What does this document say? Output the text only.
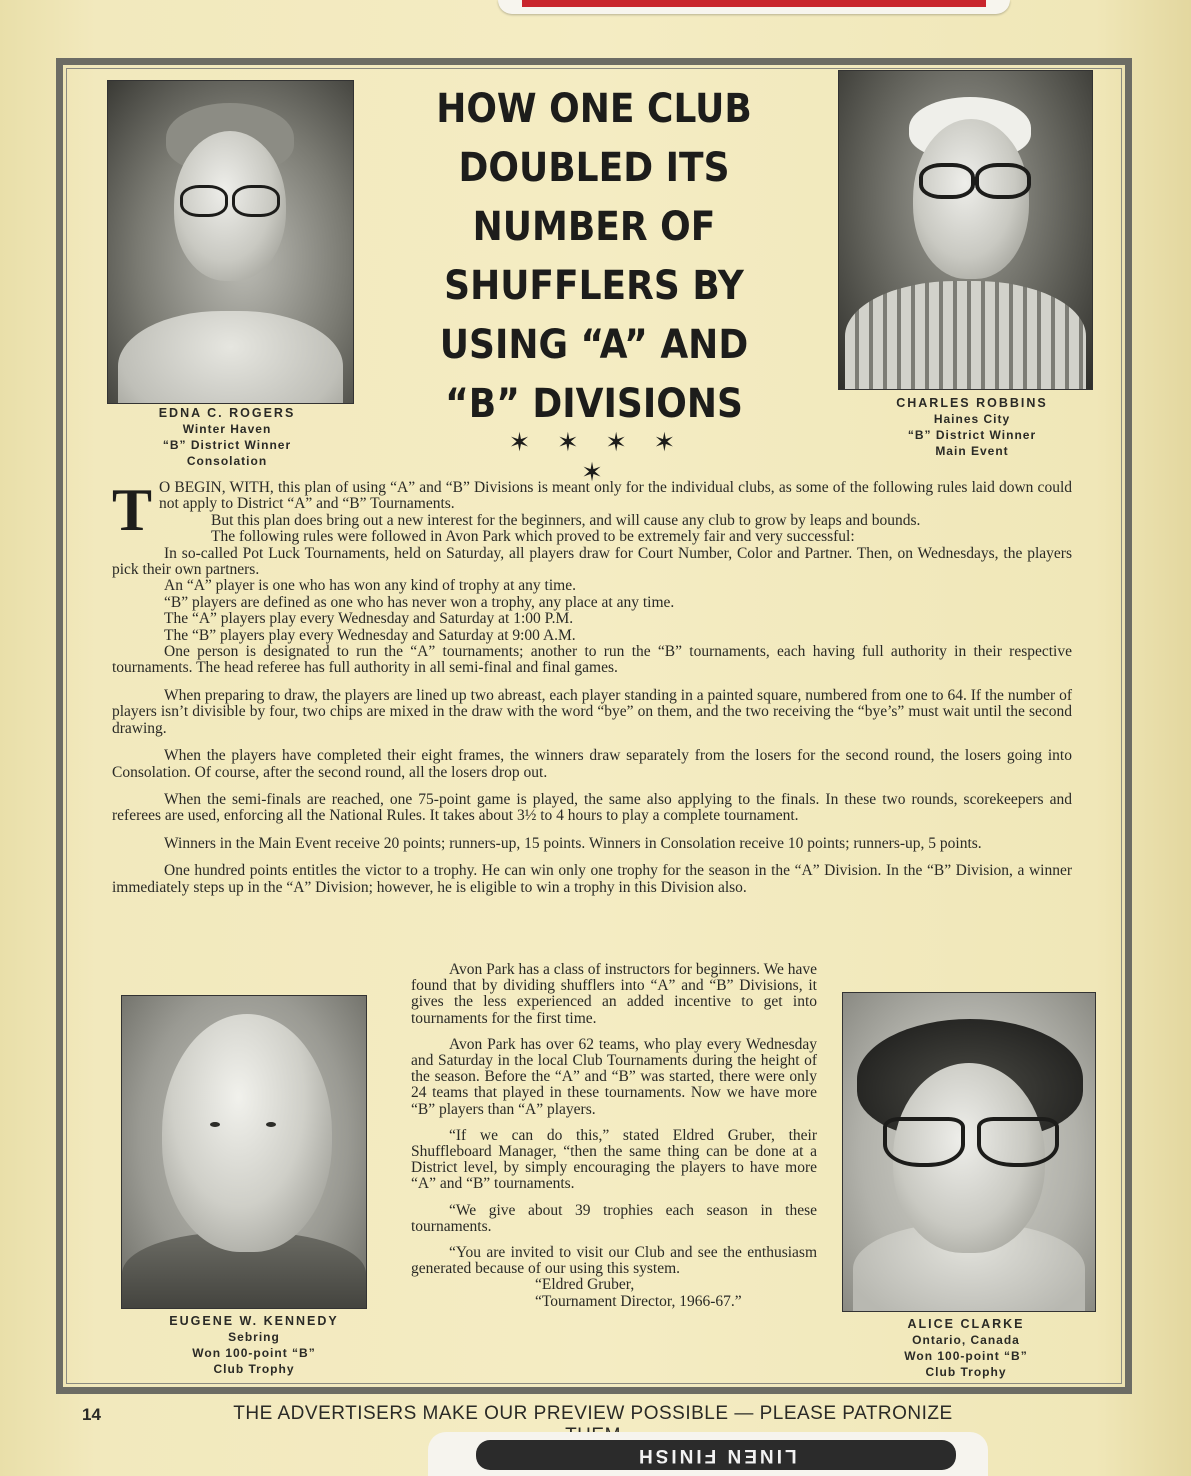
EDNA C. ROGERS
Winter Haven
“B” District Winner
Consolation
HOW ONE CLUB
DOUBLED ITS
NUMBER OF
SHUFFLERS BY
USING “A” AND
“B” DIVISIONS
✶ ✶ ✶ ✶ ✶
CHARLES ROBBINS
Haines City
“B” District Winner
Main Event

T O BEGIN, WITH, this plan of using “A” and “B” Divisions is meant only for the individual clubs, as some of the following rules laid down could not apply to District “A” and “B” Tournaments.

But this plan does bring out a new interest for the beginners, and will cause any club to grow by leaps and bounds.

The following rules were followed in Avon Park which proved to be extremely fair and very successful:

In so-called Pot Luck Tournaments, held on Saturday, all players draw for Court Number, Color and Partner. Then, on Wednesdays, the players pick their own partners.

An “A” player is one who has won any kind of trophy at any time.

“B” players are defined as one who has never won a trophy, any place at any time.

The “A” players play every Wednesday and Saturday at 1:00 P.M.

The “B” players play every Wednesday and Saturday at 9:00 A.M.

One person is designated to run the “A” tournaments; another to run the “B” tournaments, each having full authority in their respective tournaments. The head referee has full authority in all semi-final and final games.

When preparing to draw, the players are lined up two abreast, each player standing in a painted square, numbered from one to 64. If the number of players isn’t divisible by four, two chips are mixed in the draw with the word “bye” on them, and the two receiving the “bye’s” must wait until the second drawing.

When the players have completed their eight frames, the winners draw separately from the losers for the second round, the losers going into Consolation. Of course, after the second round, all the losers drop out.

When the semi-finals are reached, one 75-point game is played, the same also applying to the finals. In these two rounds, scorekeepers and referees are used, enforcing all the National Rules. It takes about 3½ to 4 hours to play a complete tournament.

Winners in the Main Event receive 20 points; runners-up, 15 points. Winners in Consolation receive 10 points; runners-up, 5 points.

One hundred points entitles the victor to a trophy. He can win only one trophy for the season in the “A” Division. In the “B” Division, a winner immediately steps up in the “A” Division; however, he is eligible to win a trophy in this Division also.

EUGENE W. KENNEDY
Sebring
Won 100-point “B”
Club Trophy

Avon Park has a class of instructors for beginners. We have found that by dividing shufflers into “A” and “B” Divisions, it gives the less experienced an added incentive to get into tournaments for the first time.

Avon Park has over 62 teams, who play every Wednesday and Saturday in the local Club Tournaments during the height of the season. Before the “A” and “B” was started, there were only 24 teams that played in these tournaments. Now we have more “B” players than “A” players.

“If we can do this,” stated Eldred Gruber, their Shuffleboard Manager, “then the same thing can be done at a District level, by simply encouraging the players to have more “A” and “B” tournaments.

“We give about 39 trophies each season in these tournaments.

“You are invited to visit our Club and see the enthusiasm generated because of our using this system.

“Eldred Gruber,
“Tournament Director, 1966-67.”

ALICE CLARKE
Ontario, Canada
Won 100-point “B”
Club Trophy
14	THE ADVERTISERS MAKE OUR PREVIEW POSSIBLE — PLEASE PATRONIZE
LINEN FINISH
